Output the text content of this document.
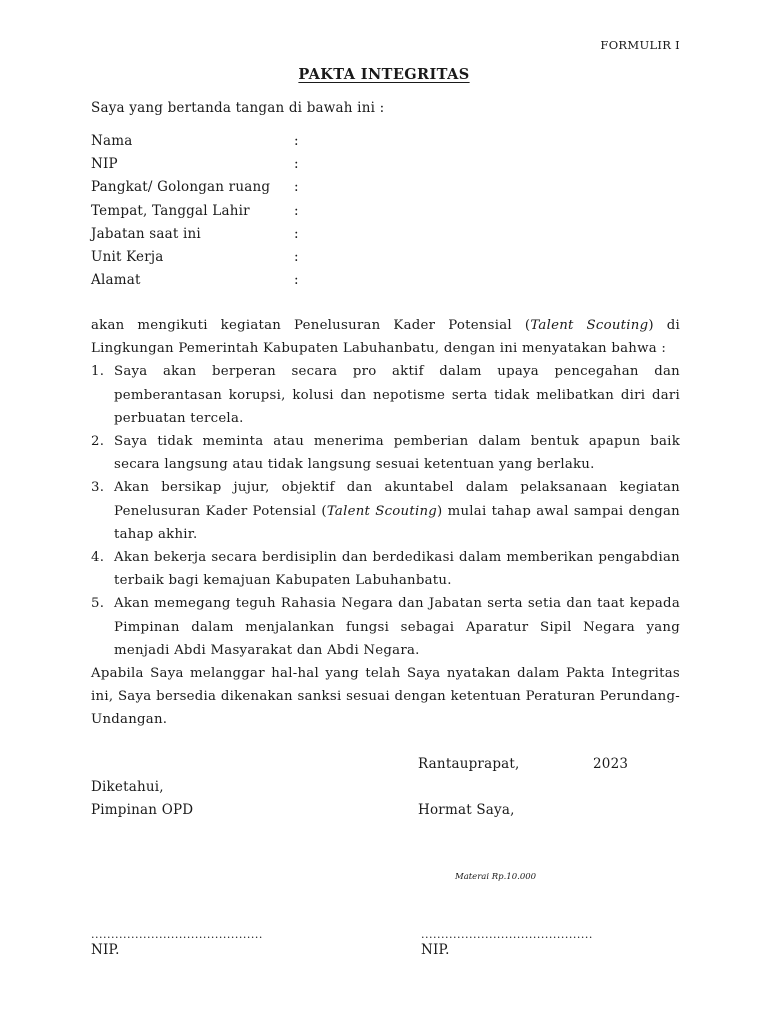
FORMULIR I
PAKTA INTEGRITAS
Saya yang bertanda tangan di bawah ini :
Nama	:
NIP	:
Pangkat/ Golongan ruang :
Tempat, Tanggal Lahir	:
Jabatan saat ini	:
Unit Kerja	:
Alamat	:

akan mengikuti kegiatan Penelusuran Kader Potensial (Talent Scouting) di Lingkungan Pemerintah Kabupaten Labuhanbatu, dengan ini menyatakan bahwa :

1. Saya akan berperan secara pro aktif dalam upaya pencegahan dan pemberantasan korupsi, kolusi dan nepotisme serta tidak melibatkan diri dari perbuatan tercela.
2. Saya tidak meminta atau menerima pemberian dalam bentuk apapun baik secara langsung atau tidak langsung sesuai ketentuan yang berlaku.
3. Akan bersikap jujur, objektif dan akuntabel dalam pelaksanaan kegiatan Penelusuran Kader Potensial (Talent Scouting) mulai tahap awal sampai dengan tahap akhir.
4. Akan bekerja secara berdisiplin dan berdedikasi dalam memberikan pengabdian terbaik bagi kemajuan Kabupaten Labuhanbatu.
5. Akan memegang teguh Rahasia Negara dan Jabatan serta setia dan taat kepada Pimpinan dalam menjalankan fungsi sebagai Aparatur Sipil Negara yang menjadi Abdi Masyarakat dan Abdi Negara.

Apabila Saya melanggar hal-hal yang telah Saya nyatakan dalam Pakta Integritas ini, Saya bersedia dikenakan sanksi sesuai dengan ketentuan Peraturan Perundang-Undangan.

Rantauprapat,	2023
Diketahui,
Pimpinan OPD	Hormat Saya,
Materai Rp.10.000
...........................................	...........................................
NIP.	NIP.
